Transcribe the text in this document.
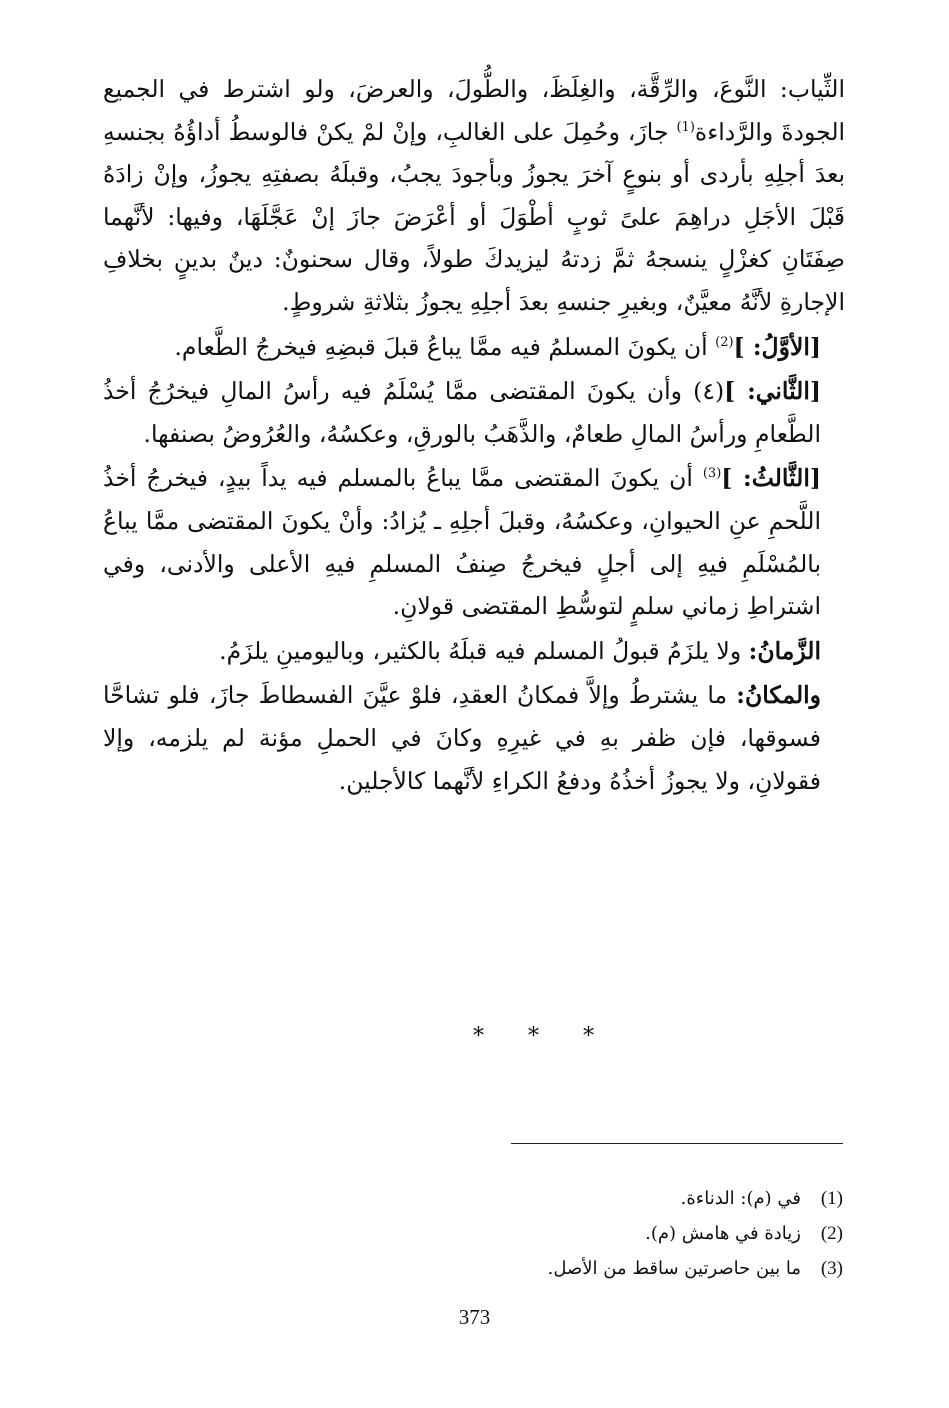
الثِّياب: النَّوعَ، والرِّقَّة، والغِلَظَ، والطُّولَ، والعرضَ، ولو اشترط في الجميع الجودةَ والرَّداءة$^{(1)}$ جازَ، وحُمِلَ على الغالبِ، وإنْ لمْ يكنْ فالوسطُ أداؤُهُ بجنسهِ بعدَ أجلِهِ بأردى أو بنوعٍ آخرَ يجوزُ وبأجودَ يجبُ، وقبلَهُ بصفتِهِ يجوزُ، وإنْ زادَهُ قَبْلَ الأجَلِ دراهِمَ علىً ثوبٍ أطْوَلَ أو أعْرَضَ جازَ إنْ عَجَّلَهَا، وفيها: لأنَّهما صِفَتَانِ كغزْلٍ ينسجهُ ثمَّ زدتهُ ليزيدكَ طولاً، وقال سحنونٌ: دينٌ بدينٍ بخلافِ الإجارةِ لأنَّهُ معيَّنٌ، وبغيرِ جنسهِ بعدَ أجلِهِ يجوزُ بثلاثةِ شروطٍ.

[الأوَّلُ: ]$^{(2)}$ أن يكونَ المسلمُ فيه ممَّا يباعُ قبلَ قبضِهِ فيخرجُ الطَّعام.

[الثَّاني: ](٤) وأن يكونَ المقتضى ممَّا يُسْلَمُ فيه رأسُ المالِ فيخرُجُ أخذُ الطَّعامِ ورأسُ المالِ طعامٌ، والذَّهَبُ بالورقِ، وعكسُهُ، والعُرُوضُ بصنفها.

[الثَّالثُ: ]$^{(3)}$ أن يكونَ المقتضى ممَّا يباعُ بالمسلم فيه يداً بيدٍ، فيخرجُ أخذُ اللَّحمِ عنِ الحيوانِ، وعكسُهُ، وقبلَ أجلِهِ ـ يُزادُ: وأنْ يكونَ المقتضى ممَّا يباعُ بالمُسْلَمِ فيهِ إلى أجلٍ فيخرجُ صِنفُ المسلمِ فيهِ الأعلى والأدنى، وفي اشتراطِ زماني سلمٍ لتوسُّطِ المقتضى قولانِ.

الزَّمانُ: ولا يلزَمُ قبولُ المسلم فيه قبلَهُ بالكثير، وباليومينِ يلزَمُ.

والمكانُ: ما يشترطُ وإلاَّ فمكانُ العقدِ، فلوْ عيَّنَ الفسطاطَ جازَ، فلو تشاحَّا فسوقها، فإن ظفر بهِ في غيرِهِ وكانَ في الحملِ مؤنة لم يلزمه، وإلا فقولانِ، ولا يجوزُ أخذُهُ ودفعُ الكراءِ لأنَّهما كالأجلين.

* * *
(1)
في (م): الدناءة.
(2)
زيادة في هامش (م).
(3)
ما بين حاصرتين ساقط من الأصل.
373
